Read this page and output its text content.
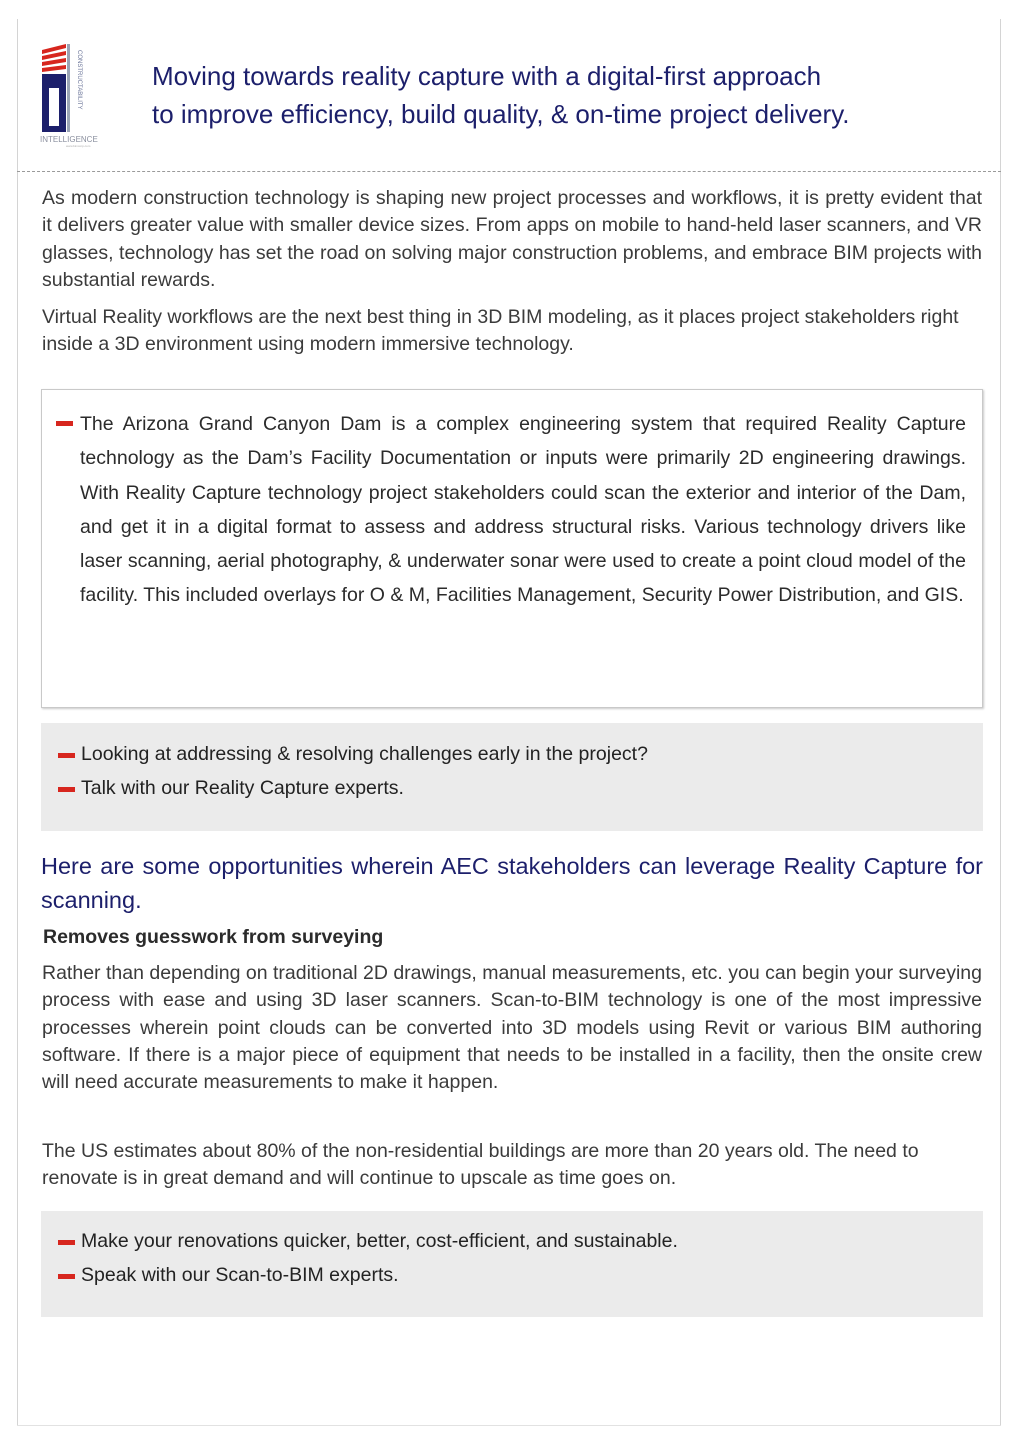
CONSTRUCTABILITY
INTELLIGENCE
www.bimcorp.com
Moving towards reality capture with a digital-first approach
to improve efficiency, build quality, & on-time project delivery.

As modern construction technology is shaping new project processes and workflows, it is pretty evident that it delivers greater value with smaller device sizes. From apps on mobile to hand-held laser scanners, and VR glasses, technology has set the road on solving major construction problems, and embrace BIM projects with substantial rewards.

Virtual Reality workflows are the next best thing in 3D BIM modeling, as it places project stakeholders right inside a 3D environment using modern immersive technology.

The Arizona Grand Canyon Dam is a complex engineering system that required Reality Capture technology as the Dam’s Facility Documentation or inputs were primarily 2D engineering drawings. With Reality Capture technology project stakeholders could scan the exterior and interior of the Dam, and get it in a digital format to assess and address structural risks. Various technology drivers like laser scanning, aerial photography, & underwater sonar were used to create a point cloud model of the facility. This included overlays for O & M, Facilities Management, Security Power Distribution, and GIS.

Looking at addressing & resolving challenges early in the project?

Talk with our Reality Capture experts.

Here are some opportunities wherein AEC stakeholders can leverage Reality Capture for scanning.

Removes guesswork from surveying

Rather than depending on traditional 2D drawings, manual measurements, etc. you can begin your surveying process with ease and using 3D laser scanners. Scan-to-BIM technology is one of the most impressive processes wherein point clouds can be converted into 3D models using Revit or various BIM authoring software. If there is a major piece of equipment that needs to be installed in a facility, then the onsite crew will need accurate measurements to make it happen.

The US estimates about 80% of the non-residential buildings are more than 20 years old. The need to renovate is in great demand and will continue to upscale as time goes on.

Make your renovations quicker, better, cost-efficient, and sustainable.

Speak with our Scan-to-BIM experts.
